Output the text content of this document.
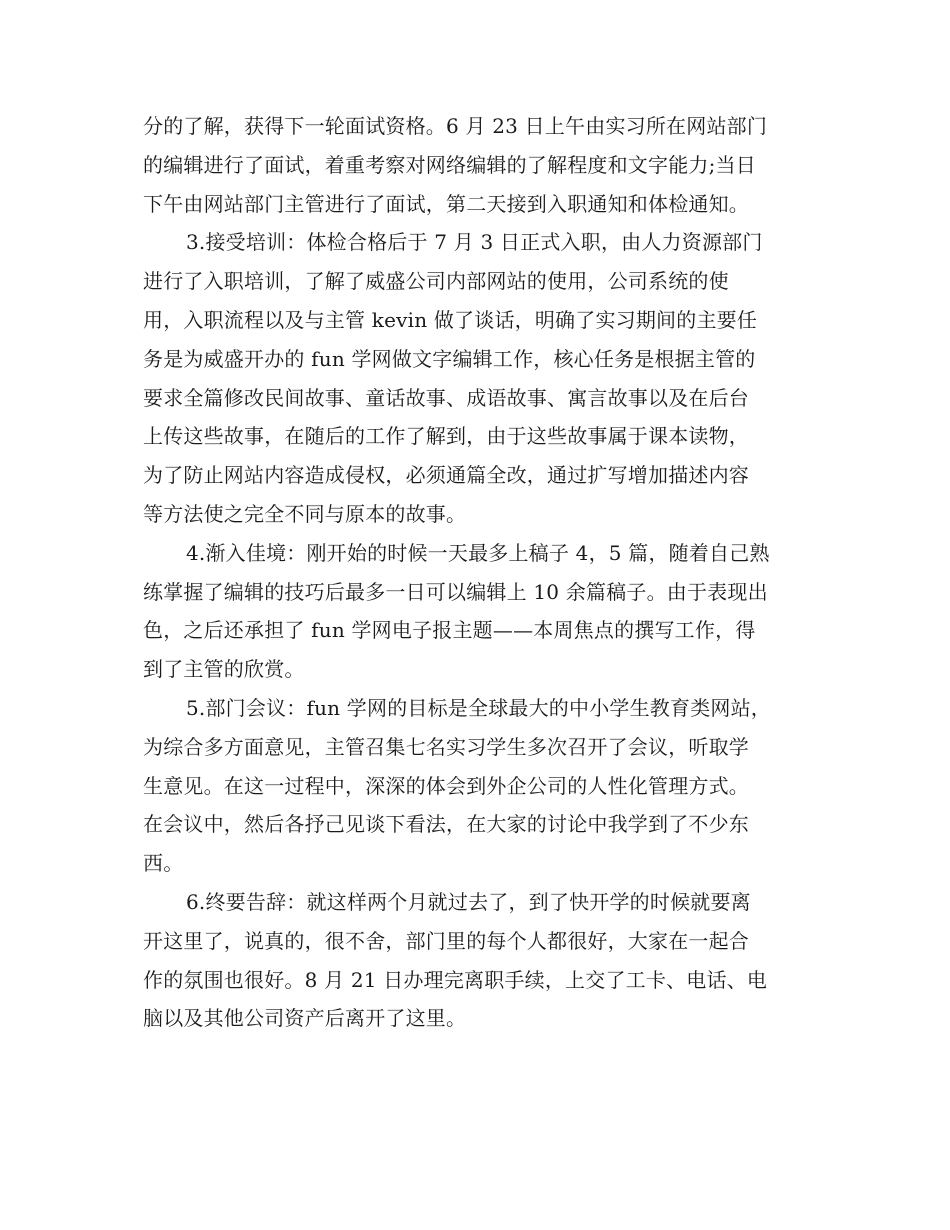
分的了解，获得下一轮面试资格。6 月 23 日上午由实习所在网站部门
的编辑进行了面试，着重考察对网络编辑的了解程度和文字能力;当日
下午由网站部门主管进行了面试，第二天接到入职通知和体检通知。
3.接受培训：体检合格后于 7 月 3 日正式入职，由人力资源部门
进行了入职培训，了解了威盛公司内部网站的使用，公司系统的使
用，入职流程以及与主管 kevin 做了谈话，明确了实习期间的主要任
务是为威盛开办的 fun 学网做文字编辑工作，核心任务是根据主管的
要求全篇修改民间故事、童话故事、成语故事、寓言故事以及在后台
上传这些故事，在随后的工作了解到，由于这些故事属于课本读物，
为了防止网站内容造成侵权，必须通篇全改，通过扩写增加描述内容
等方法使之完全不同与原本的故事。
4.渐入佳境：刚开始的时候一天最多上稿子 4，5 篇，随着自己熟
练掌握了编辑的技巧后最多一日可以编辑上 10 余篇稿子。由于表现出
色，之后还承担了 fun 学网电子报主题——本周焦点的撰写工作，得
到了主管的欣赏。
5.部门会议：fun 学网的目标是全球最大的中小学生教育类网站，
为综合多方面意见，主管召集七名实习学生多次召开了会议，听取学
生意见。在这一过程中，深深的体会到外企公司的人性化管理方式。
在会议中，然后各抒己见谈下看法，在大家的讨论中我学到了不少东
西。
6.终要告辞：就这样两个月就过去了，到了快开学的时候就要离
开这里了，说真的，很不舍，部门里的每个人都很好，大家在一起合
作的氛围也很好。8 月 21 日办理完离职手续，上交了工卡、电话、电
脑以及其他公司资产后离开了这里。
